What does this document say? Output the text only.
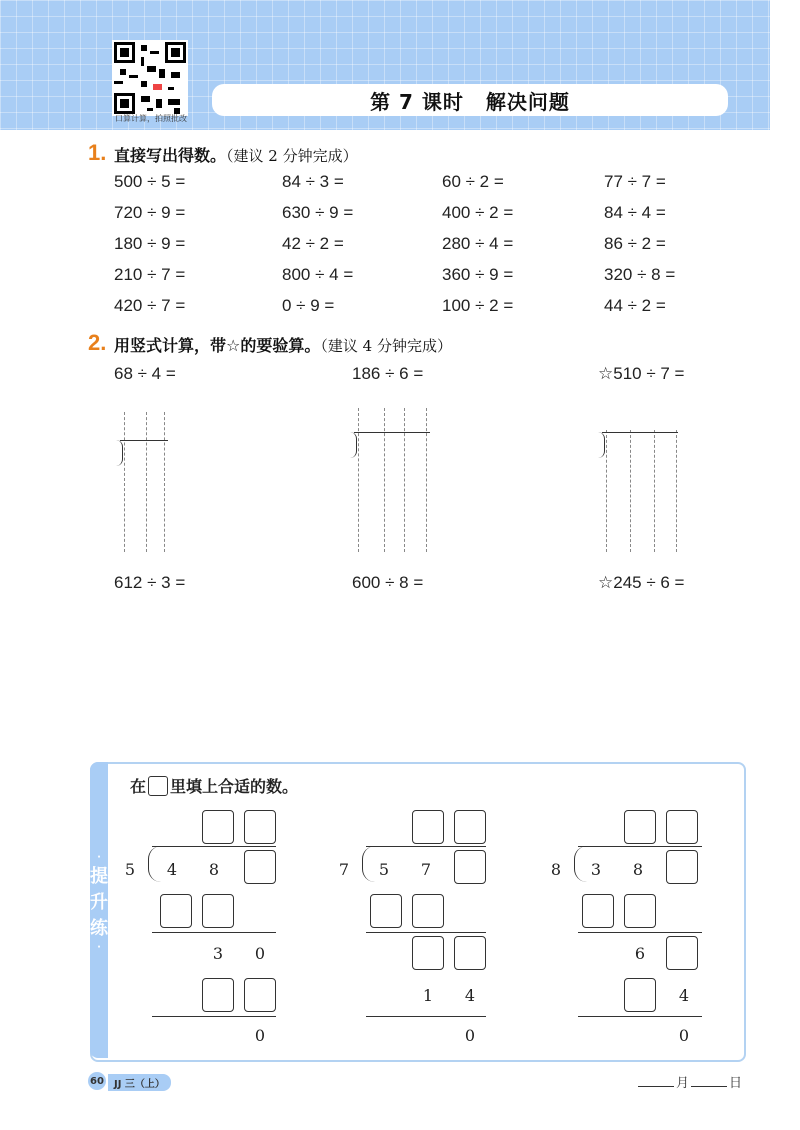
口算计算，拍照批改
第 7 课时 解决问题
1. 直接写出得数。（建议 2 分钟完成）
500 ÷ 5 =	84 ÷ 3 =	60 ÷ 2 =	77 ÷ 7 =
720 ÷ 9 =	630 ÷ 9 =	400 ÷ 2 =	84 ÷ 4 =
180 ÷ 9 =	42 ÷ 2 =	280 ÷ 4 =	86 ÷ 2 =
210 ÷ 7 =	800 ÷ 4 =	360 ÷ 9 =	320 ÷ 8 =
420 ÷ 7 =	0 ÷ 9 =	100 ÷ 2 =	44 ÷ 2 =
2. 用竖式计算，带☆的要验算。（建议 4 分钟完成）
68 ÷ 4 =	186 ÷ 6 =	☆510 ÷ 7 =
612 ÷ 3 =	600 ÷ 8 =	☆245 ÷ 6 =
·
提
升
练
·
在 里填上合适的数。
5	4	8
3	0
0
7	5	7
1	4
0
8	3	8
6
4
0
60	JJ 三（上）	月	日
